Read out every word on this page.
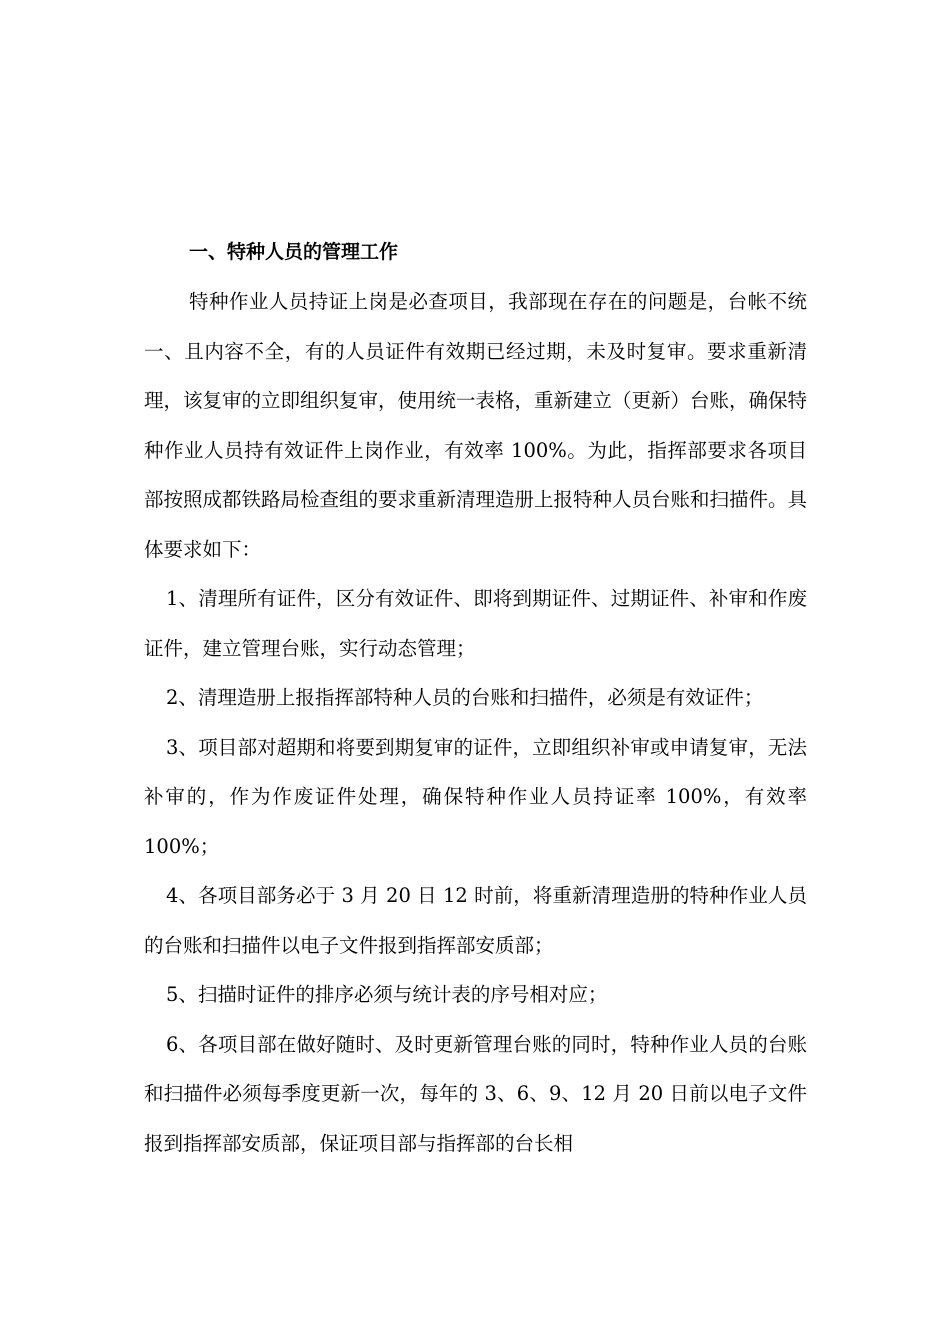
一、特种人员的管理工作

特种作业人员持证上岗是必查项目，我部现在存在的问题是，台帐不统一、且内容不全，有的人员证件有效期已经过期，未及时复审。要求重新清理，该复审的立即组织复审，使用统一表格，重新建立（更新）台账，确保特种作业人员持有效证件上岗作业，有效率 100%。为此，指挥部要求各项目部按照成都铁路局检查组的要求重新清理造册上报特种人员台账和扫描件。具体要求如下：

1、清理所有证件，区分有效证件、即将到期证件、过期证件、补审和作废证件，建立管理台账，实行动态管理；

2、清理造册上报指挥部特种人员的台账和扫描件，必须是有效证件；

3、项目部对超期和将要到期复审的证件，立即组织补审或申请复审，无法补审的，作为作废证件处理，确保特种作业人员持证率 100%，有效率 100%；

4、各项目部务必于 3 月 20 日 12 时前，将重新清理造册的特种作业人员的台账和扫描件以电子文件报到指挥部安质部；

5、扫描时证件的排序必须与统计表的序号相对应；

6、各项目部在做好随时、及时更新管理台账的同时，特种作业人员的台账和扫描件必须每季度更新一次，每年的 3、6、9、12 月 20 日前以电子文件报到指挥部安质部，保证项目部与指挥部的台长相
